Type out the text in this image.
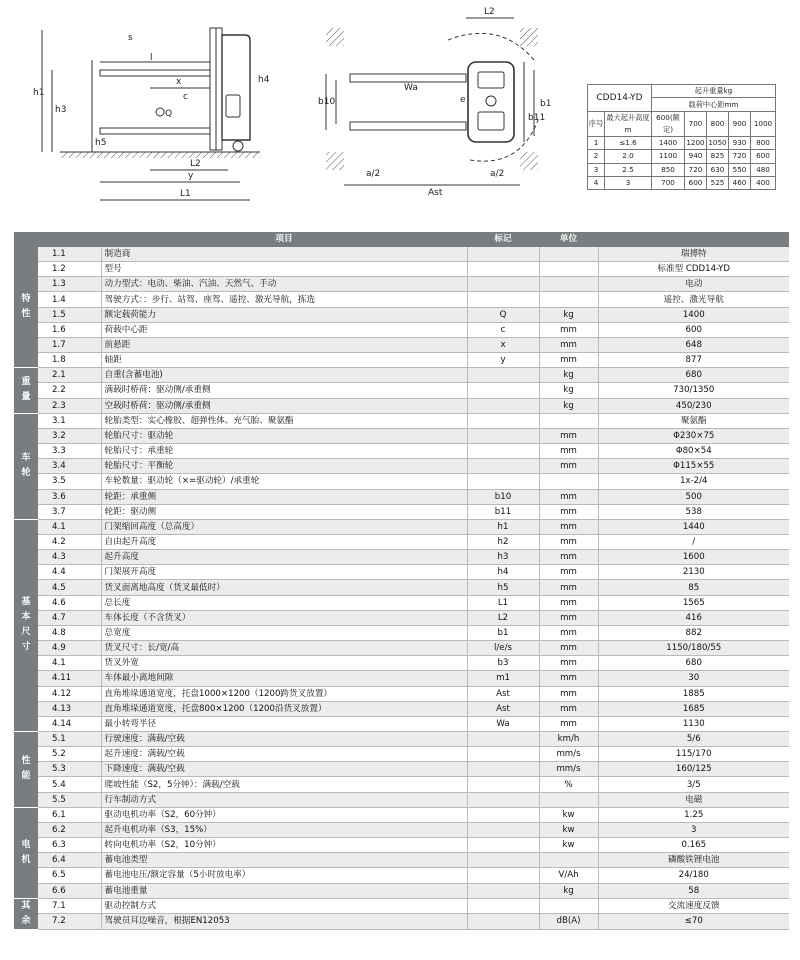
s
l
x
c
Q
h1
h3
h4
h5
y
L1
L2
L2
Wa
b1
b10
b11
e
a/2
Ast
a/2
CDD14-YD		起升重量kg				
		载荷中心距mm				
序号	最大起升高度m	600(额定)	700	800	900	1000
1	≤1.6	1400	1200	1050	930	800
2	2.0	1100	940	825	720	600
3	2.5	850	720	630	550	480
4	3	700	600	525	460	400
		项目	标记	单位	

特
性	1.1	制造商			瑞搏特
	1.2	型号			标准型 CDD14-YD
	1.3	动力型式：电动、柴油、汽油、天然气、手动			电动
	1.4	驾驶方式：：步行、站驾、座驾、遥控、激光导航，拣选			遥控、激光导航
	1.5	额定载荷能力	Q	kg	1400
	1.6	荷载中心距	c	mm	600
	1.7	前悬距	x	mm	648
	1.8	轴距	y	mm	877

重
量	2.1	自重(含蓄电池)		kg	680
	2.2	满载时桥荷：驱动侧/承重侧		kg	730/1350
	2.3	空载时桥荷：驱动侧/承重侧		kg	450/230

车
轮	3.1	轮胎类型：实心橡胶、超弹性体、充气胎、聚氨酯			聚氨酯
	3.2	轮胎尺寸：驱动轮		mm	Φ230×75
	3.3	轮胎尺寸：承重轮		mm	Φ80×54
	3.4	轮胎尺寸：平衡轮		mm	Φ115×55
	3.5	车轮数量：驱动轮（×=驱动轮）/承重轮			1x-2/4
	3.6	轮距：承重侧	b10	mm	500
	3.7	轮距：驱动侧	b11	mm	538

基
本
尺
寸	4.1	门架缩回高度（总高度）	h1	mm	1440
	4.2	自由起升高度	h2	mm	/
	4.3	起升高度	h3	mm	1600
	4.4	门架展开高度	h4	mm	2130
	4.5	货叉面离地高度（货叉最低时）	h5	mm	85
	4.6	总长度	L1	mm	1565
	4.7	车体长度（不含货叉）	L2	mm	416
	4.8	总宽度	b1	mm	882
	4.9	货叉尺寸：长/宽/高	l/e/s	mm	1150/180/55
	4.1	货叉外宽	b3	mm	680
	4.11	车体最小离地间隙	m1	mm	30
	4.12	直角堆垛通道宽度，托盘1000×1200（1200跨货叉放置）	Ast	mm	1885
	4.13	直角堆垛通道宽度，托盘800×1200（1200沿货叉放置）	Ast	mm	1685
	4.14	最小转弯半径	Wa	mm	1130

性
能	5.1	行驶速度：满载/空载		km/h	5/6
	5.2	起升速度：满载/空载		mm/s	115/170
	5.3	下降速度：满载/空载		mm/s	160/125
	5.4	爬坡性能（S2，5分钟）：满载/空载		%	3/5
	5.5	行车制动方式			电磁

电
机	6.1	驱动电机功率（S2，60分钟）		kw	1.25
	6.2	起升电机功率（S3，15%）		kw	3
	6.3	转向电机功率（S2，10分钟）		kw	0.165
	6.4	蓄电池类型			磷酸铁锂电池
	6.5	蓄电池电压/额定容量（5小时放电率）		V/Ah	24/180
	6.6	蓄电池重量		kg	58

其
余	7.1	驱动控制方式			交流速度反馈
	7.2	驾驶员耳边噪音，根据EN12053		dB(A)	≤70
